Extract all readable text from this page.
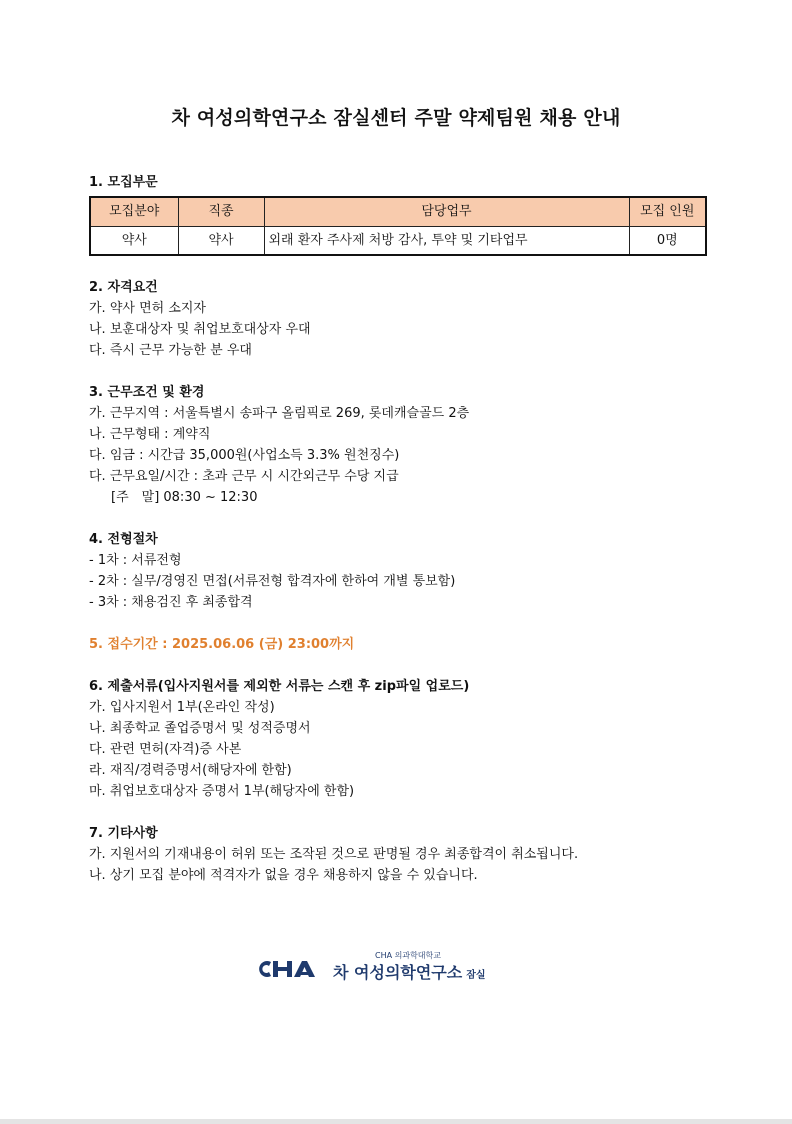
차 여성의학연구소 잠실센터 주말 약제팀원 채용 안내
1. 모집부문
모집분야	직종	담당업무	모집 인원
약사	약사	외래 환자 주사제 처방 감사, 투약 및 기타업무	0명
2. 자격요건
가. 약사 면허 소지자
나. 보훈대상자 및 취업보호대상자 우대
다. 즉시 근무 가능한 분 우대
3. 근무조건 및 환경
가. 근무지역 : 서울특별시 송파구 올림픽로 269, 롯데캐슬골드 2층
나. 근무형태 : 계약직
다. 임금 : 시간급 35,000원(사업소득 3.3% 원천징수)
다. 근무요일/시간 : 초과 근무 시 시간외근무 수당 지급
[주　말] 08:30 ~ 12:30
4. 전형절차
- 1차 : 서류전형
- 2차 : 실무/경영진 면접(서류전형 합격자에 한하여 개별 통보함)
- 3차 : 채용검진 후 최종합격
5. 접수기간 : 2025.06.06 (금) 23:00까지
6. 제출서류(입사지원서를 제외한 서류는 스캔 후 zip파일 업로드)
가. 입사지원서 1부(온라인 작성)
나. 최종학교 졸업증명서 및 성적증명서
다. 관련 면허(자격)증 사본
라. 재직/경력증명서(해당자에 한함)
마. 취업보호대상자 증명서 1부(해당자에 한함)
7. 기타사항
가. 지원서의 기재내용이 허위 또는 조작된 것으로 판명될 경우 최종합격이 취소됩니다.
나. 상기 모집 분야에 적격자가 없을 경우 채용하지 않을 수 있습니다.
CHA 의과학대학교
차 여성의학연구소 잠실
